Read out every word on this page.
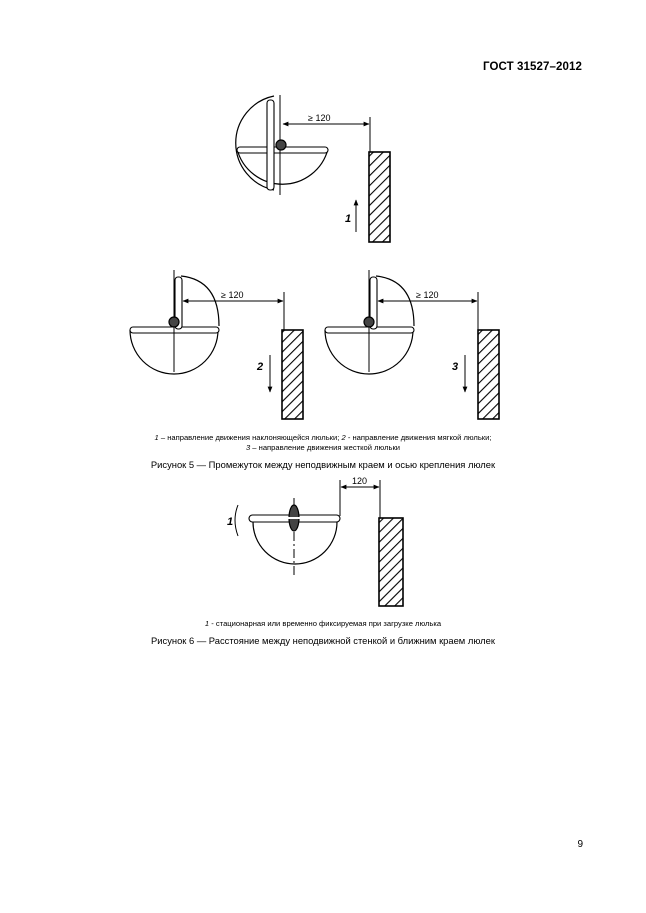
ГОСТ 31527–2012
≥ 120
1
≥ 120
2
≥ 120
3
120
1
1 – направление движения наклоняющейся люльки; 2 - направление движения мягкой люльки;
3 – направление движения жесткой люльки
Рисунок 5 — Промежуток между неподвижным краем и осью крепления люлек
1 - стационарная или временно фиксируемая при загрузке люлька
Рисунок 6 — Расстояние между неподвижной стенкой и ближним краем люлек
9
